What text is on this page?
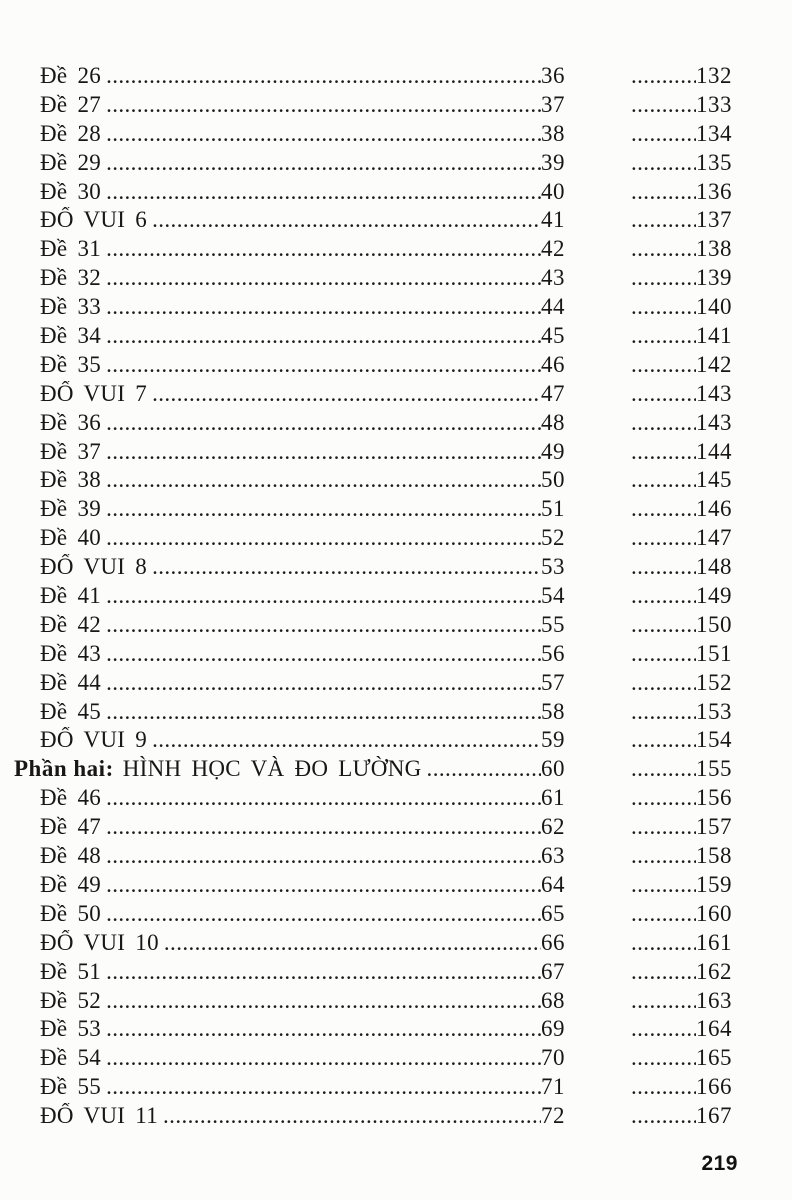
Đề 26 .....	36 .....	132
Đề 27 .....	37 .....	133
Đề 28 .....	38 .....	134
Đề 29 .....	39 .....	135
Đề 30 .....	40 .....	136
ĐỐ VUI 6 .....	41 .....	137
Đề 31 .....	42 .....	138
Đề 32 .....	43 .....	139
Đề 33 .....	44 .....	140
Đề 34 .....	45 .....	141
Đề 35 .....	46 .....	142
ĐỐ VUI 7 .....	47 .....	143
Đề 36 .....	48 .....	143
Đề 37 .....	49 .....	144
Đề 38 .....	50 .....	145
Đề 39 .....	51 .....	146
Đề 40 .....	52 .....	147
ĐỐ VUI 8 .....	53 .....	148
Đề 41 .....	54 .....	149
Đề 42 .....	55 .....	150
Đề 43 .....	56 .....	151
Đề 44 .....	57 .....	152
Đề 45 .....	58 .....	153
ĐỐ VUI 9 .....	59 .....	154
Phần hai: HÌNH HỌC VÀ ĐO LƯỜNG .....	60 .....	155
Đề 46 .....	61 .....	156
Đề 47 .....	62 .....	157
Đề 48 .....	63 .....	158
Đề 49 .....	64 .....	159
Đề 50 .....	65 .....	160
ĐỐ VUI 10 .....	66 .....	161
Đề 51 .....	67 .....	162
Đề 52 .....	68 .....	163
Đề 53 .....	69 .....	164
Đề 54 .....	70 .....	165
Đề 55 .....	71 .....	166
ĐỐ VUI 11 .....	72 .....	167
219
